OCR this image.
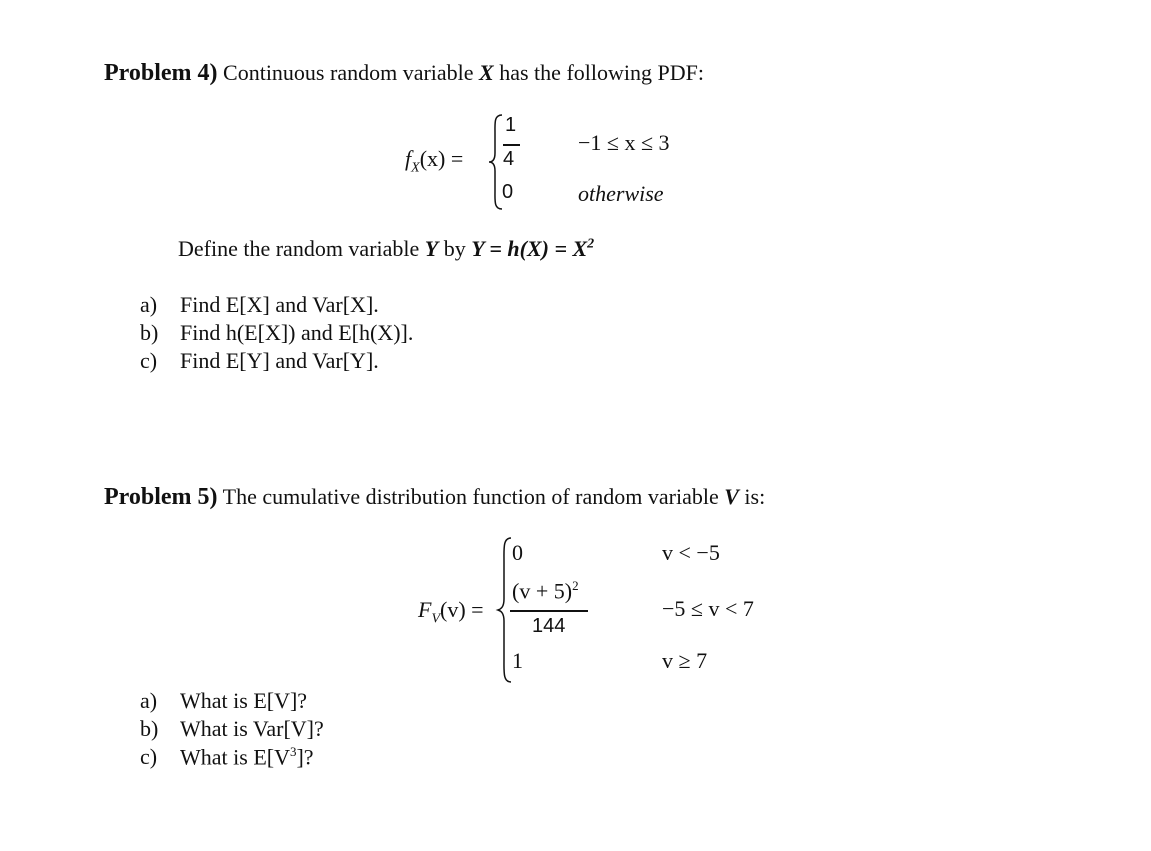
Problem 4) Continuous random variable X has the following PDF:
$f_X(x)$ =
1
4
0
−1 ≤ x ≤ 3
otherwise
Define the random variable Y by $Y = h(X) = X^2$
a) Find E[X] and Var[X].
b) Find h(E[X]) and E[h(X)].
c) Find E[Y] and Var[Y].
Problem 5) The cumulative distribution function of random variable V is:
$F_V(v)$ =
0
$(v + 5)^2$
144
1
v < −5
−5 ≤ v < 7
v ≥ 7
a) What is E[V]?
b) What is Var[V]?
c) What is $E[V^3]$?
